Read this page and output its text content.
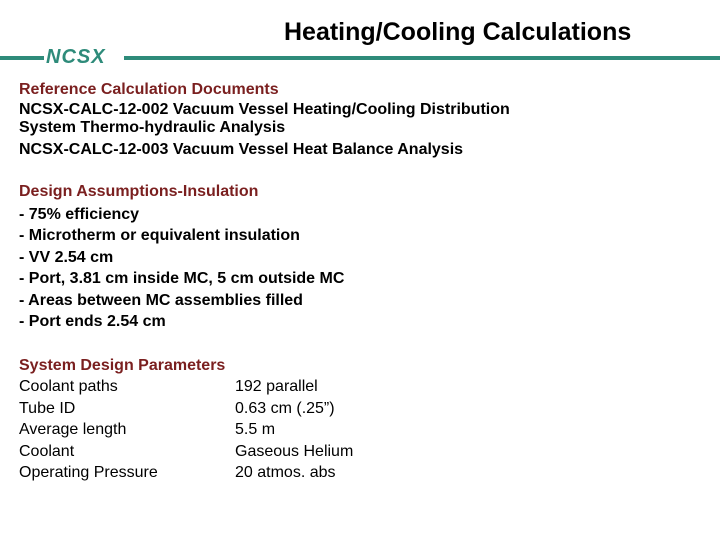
Heating/Cooling Calculations
NCSX
Reference Calculation Documents
NCSX-CALC-12-002 Vacuum Vessel Heating/Cooling Distribution
System Thermo-hydraulic Analysis
NCSX-CALC-12-003 Vacuum Vessel Heat Balance Analysis
Design Assumptions-Insulation
- 75% efficiency
- Microtherm or equivalent insulation
- VV 2.54 cm
- Port, 3.81 cm inside MC, 5 cm outside MC
- Areas between MC assemblies filled
- Port ends 2.54 cm
System Design Parameters
Coolant paths	192 parallel
Tube ID	0.63 cm (.25”)
Average length	5.5 m
Coolant	Gaseous Helium
Operating Pressure	20 atmos. abs
